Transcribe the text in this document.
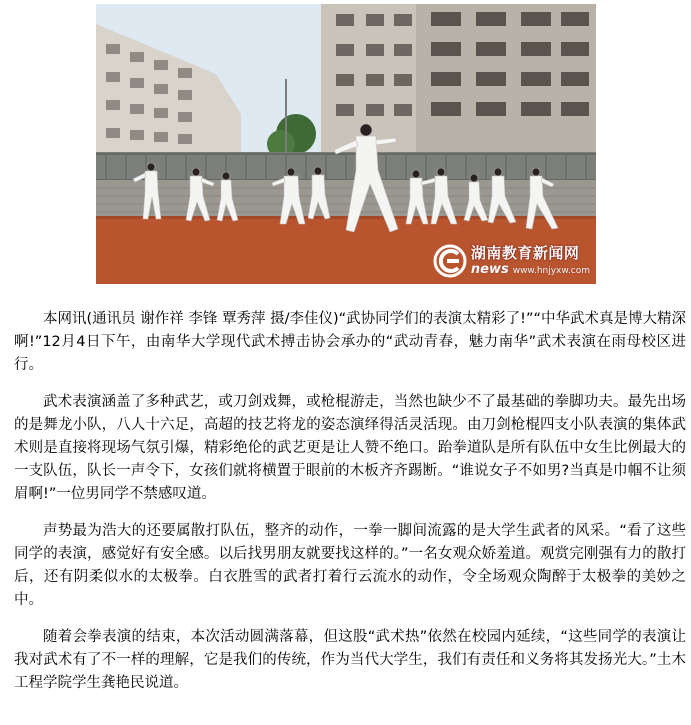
湖南教育新闻网
news www.hnjyxw.com

本网讯(通讯员 谢作祥 李锋 覃秀萍 摄/李佳仪)“武协同学们的表演太精彩了!”“中华武术真是博大精深啊!”12月4日下午，由南华大学现代武术搏击协会承办的“武动青春，魅力南华”武术表演在雨母校区进行。

武术表演涵盖了多种武艺，或刀剑戏舞，或枪棍游走，当然也缺少不了最基础的拳脚功夫。最先出场的是舞龙小队，八人十六足，高超的技艺将龙的姿态演绎得活灵活现。由刀剑枪棍四支小队表演的集体武术则是直接将现场气氛引爆，精彩绝伦的武艺更是让人赞不绝口。跆拳道队是所有队伍中女生比例最大的一支队伍，队长一声令下，女孩们就将横置于眼前的木板齐齐踢断。“谁说女子不如男?当真是巾帼不让须眉啊!”一位男同学不禁感叹道。

声势最为浩大的还要属散打队伍，整齐的动作，一拳一脚间流露的是大学生武者的风采。“看了这些同学的表演，感觉好有安全感。以后找男朋友就要找这样的。”一名女观众娇羞道。观赏完刚强有力的散打后，还有阴柔似水的太极拳。白衣胜雪的武者打着行云流水的动作，令全场观众陶醉于太极拳的美妙之中。

随着会拳表演的结束，本次活动圆满落幕，但这股“武术热”依然在校园内延续，“这些同学的表演让我对武术有了不一样的理解，它是我们的传统，作为当代大学生，我们有责任和义务将其发扬光大。”土木工程学院学生龚艳民说道。
